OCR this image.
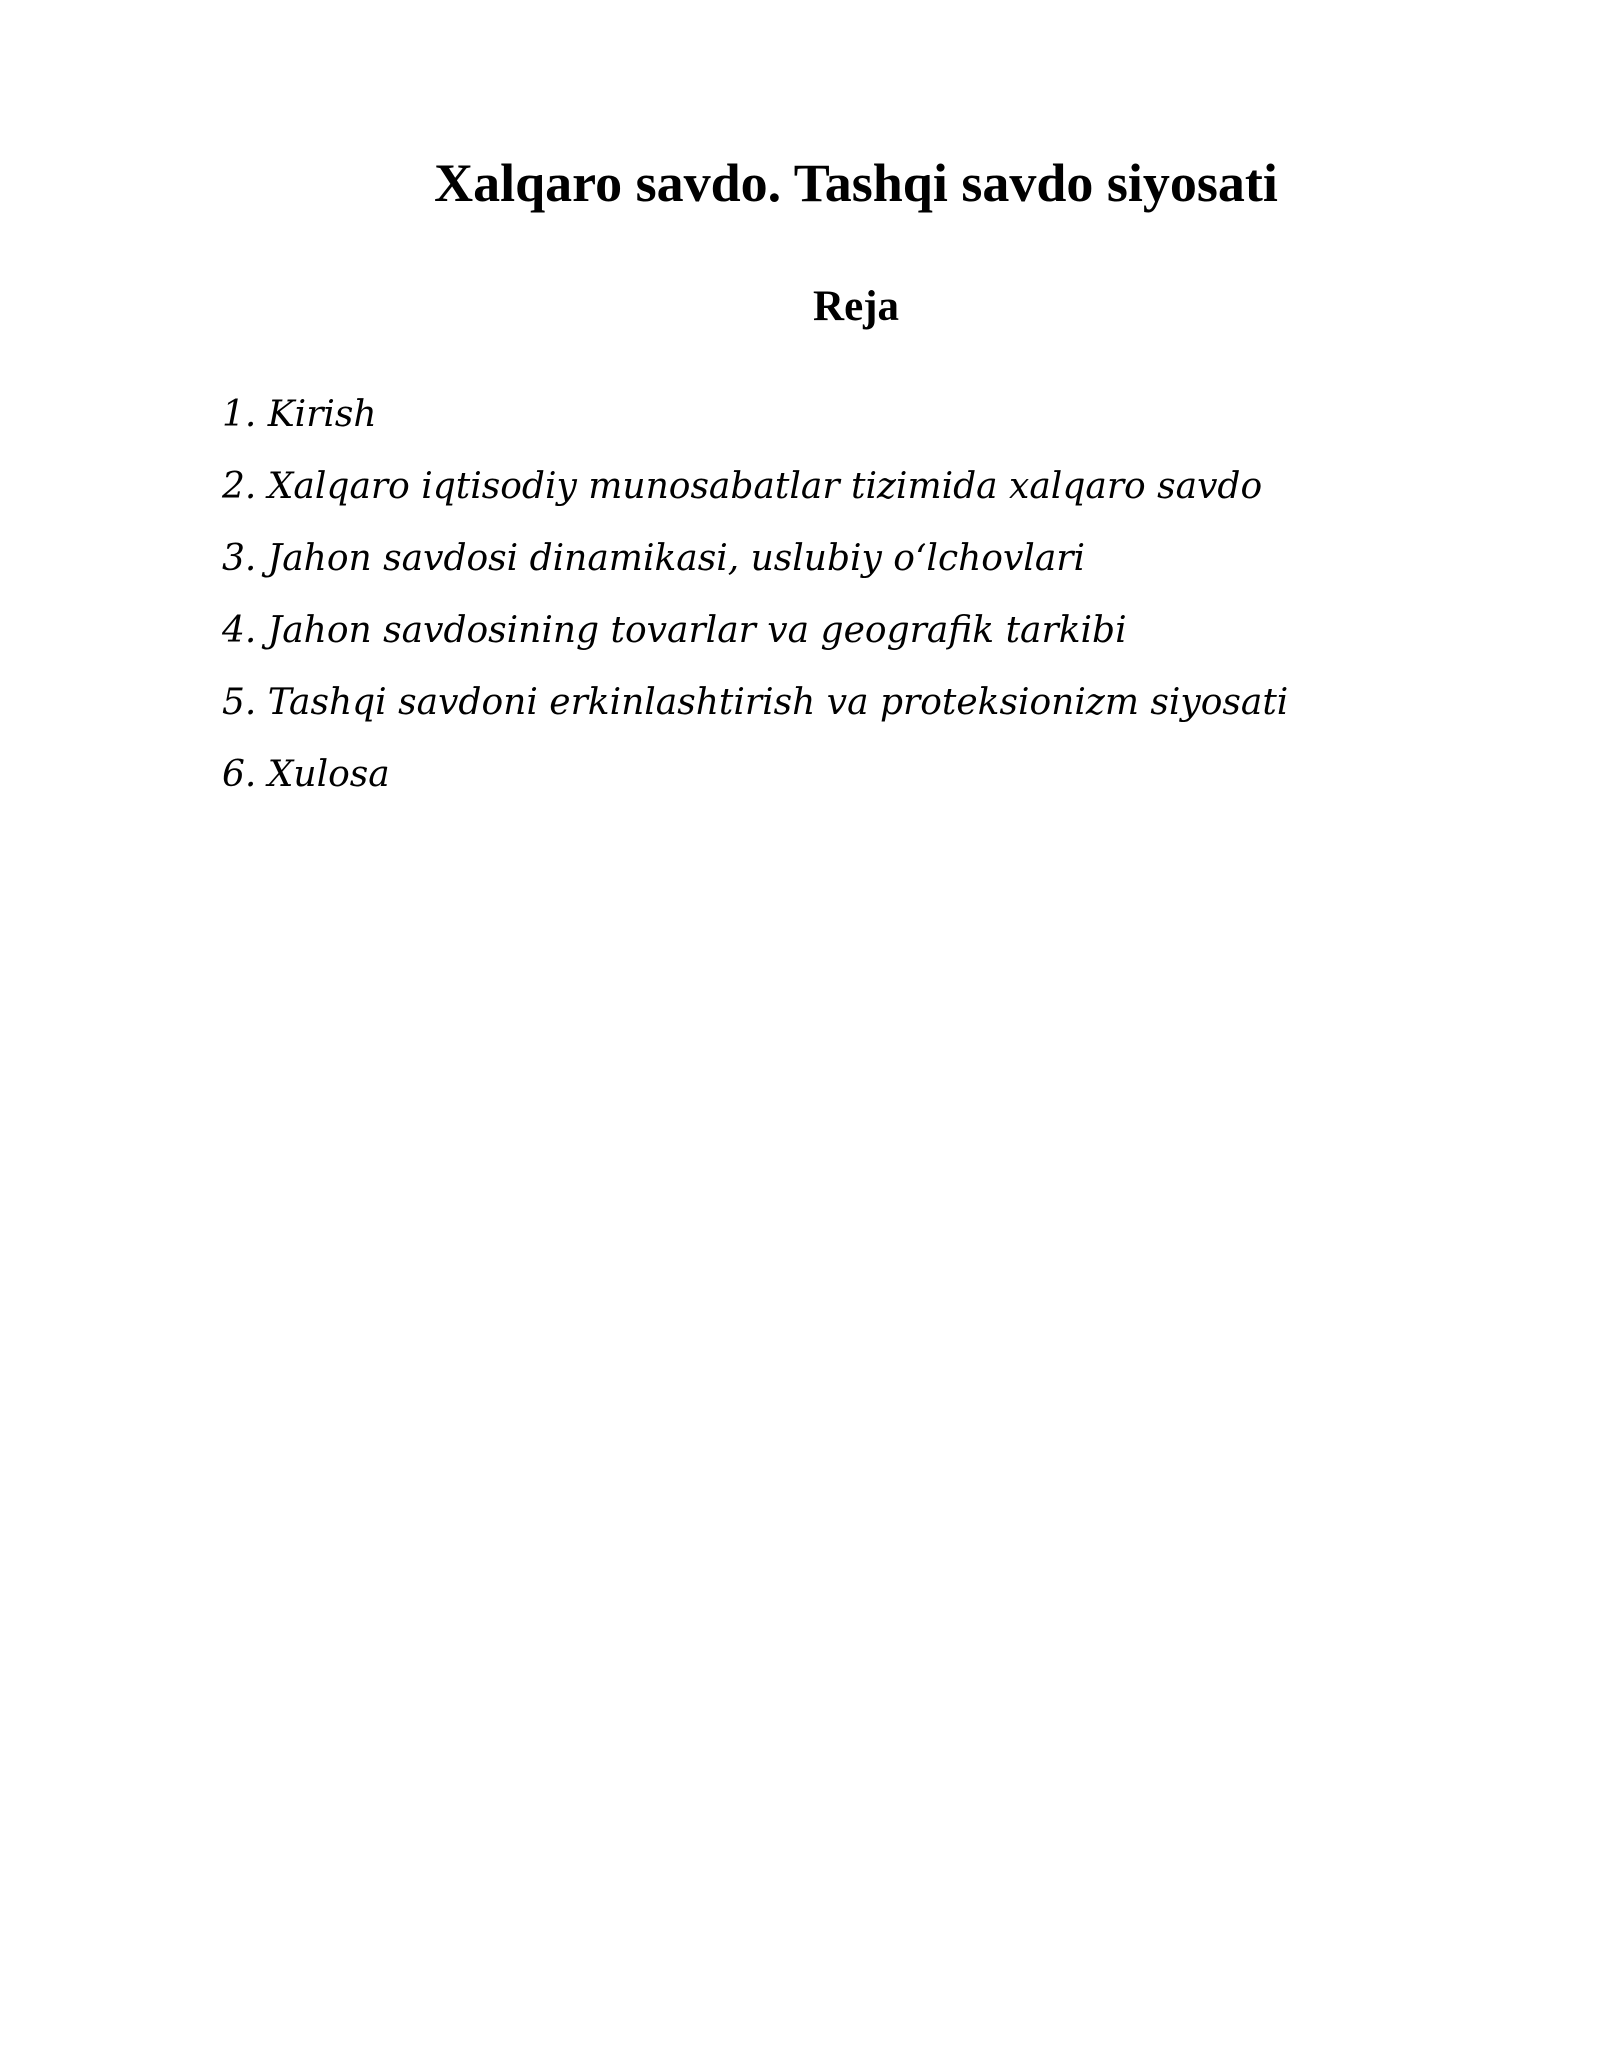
Xalqaro savdo. Tashqi savdo siyosati
Reja
1. Kirish
2. Xalqaro iqtisodiy munosabatlar tizimida xalqaro savdo
3. Jahon savdosi dinamikasi, uslubiy o‘lchovlari
4. Jahon savdosining tovarlar va geografik tarkibi
5. Tashqi savdoni erkinlashtirish va proteksionizm siyosati
6. Xulosa
